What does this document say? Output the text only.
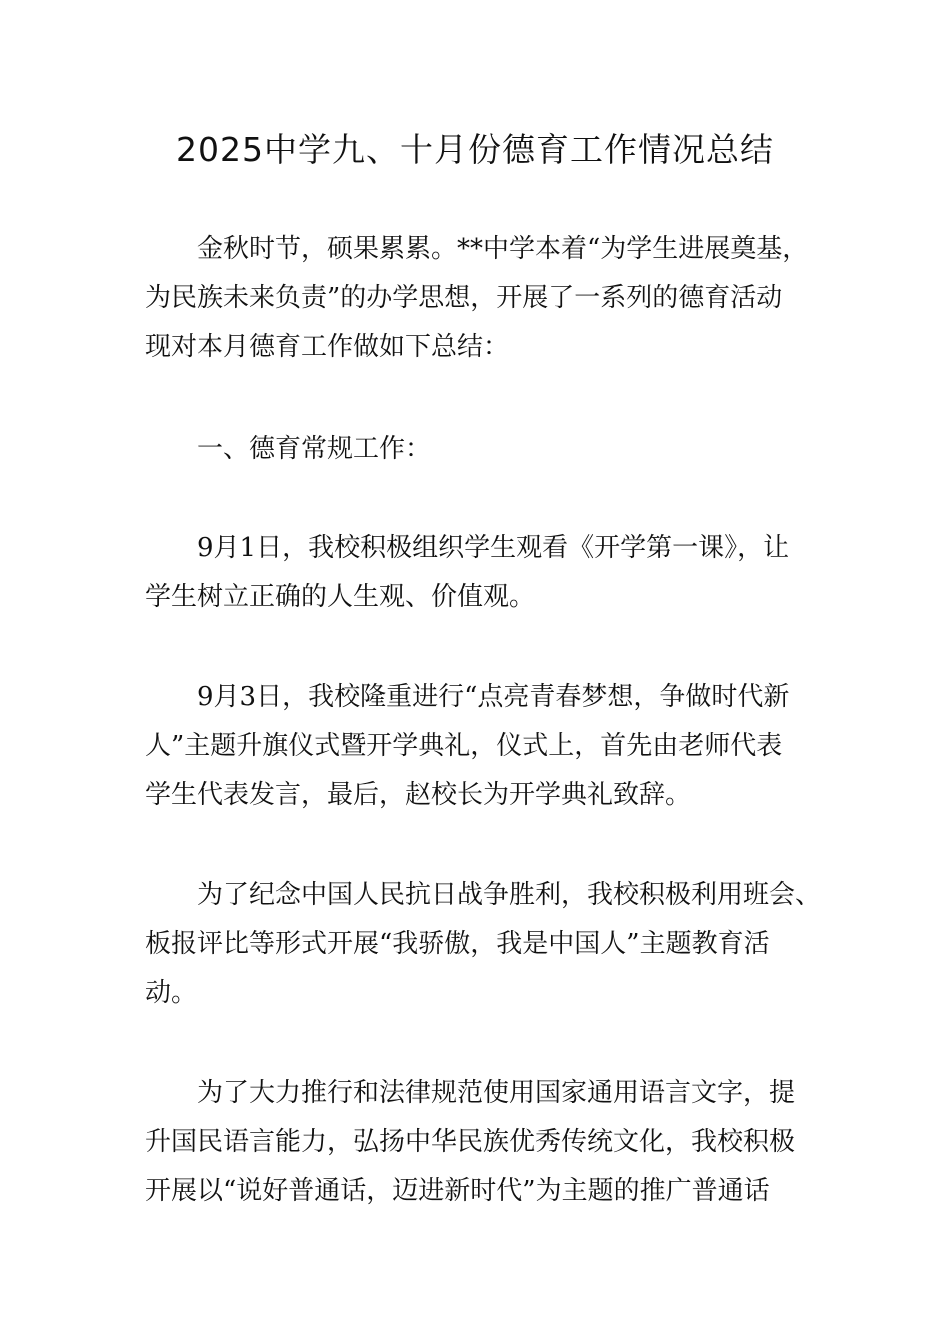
2025中学九、十月份德育工作情况总结
金秋时节，硕果累累。**中学本着“为学生进展奠基，
为民族未来负责”的办学思想，开展了一系列的德育活动
现对本月德育工作做如下总结：
一、德育常规工作：
9月1日，我校积极组织学生观看《开学第一课》，让
学生树立正确的人生观、价值观。
9月3日，我校隆重进行“点亮青春梦想，争做时代新
人”主题升旗仪式暨开学典礼，仪式上，首先由老师代表
学生代表发言，最后，赵校长为开学典礼致辞。
为了纪念中国人民抗日战争胜利，我校积极利用班会、
板报评比等形式开展“我骄傲，我是中国人”主题教育活
动。
为了大力推行和法律规范使用国家通用语言文字，提
升国民语言能力，弘扬中华民族优秀传统文化，我校积极
开展以“说好普通话，迈进新时代”为主题的推广普通话
